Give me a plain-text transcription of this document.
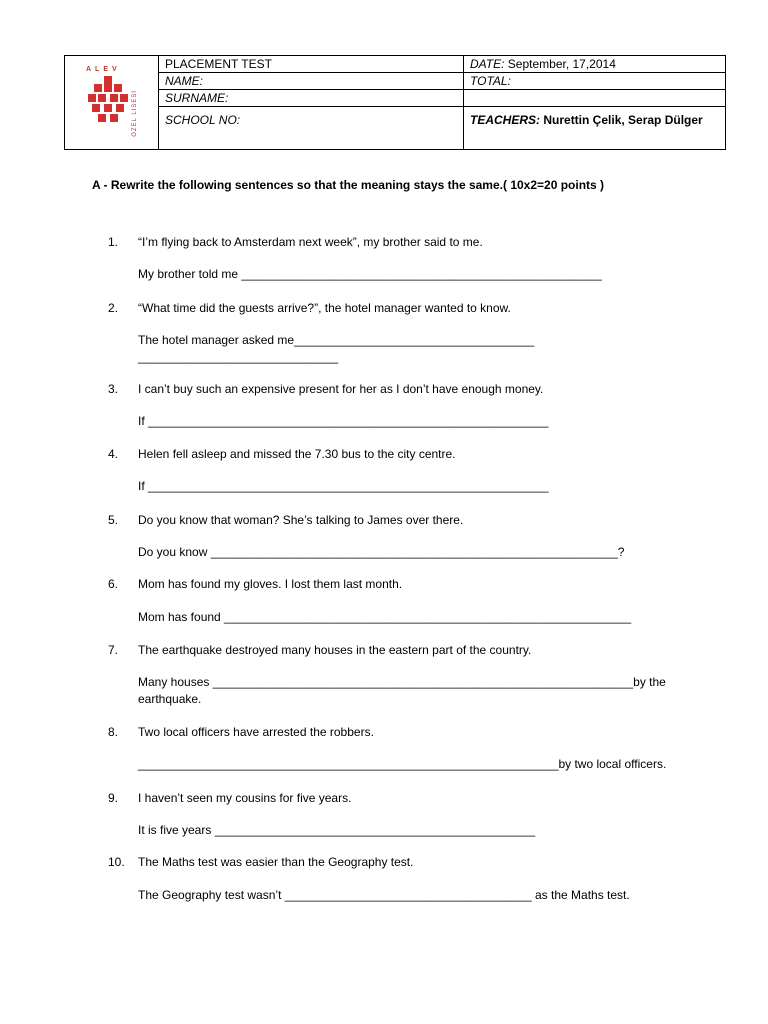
ALEV
ÖZEL LİSESİ
PLACEMENT TEST	DATE: September, 17,2014
NAME:	TOTAL:
SURNAME:
SCHOOL NO:	TEACHERS: Nurettin Çelik, Serap Dülger
A - Rewrite the following sentences so that the meaning stays the same.( 10x2=20 points )
1. “I’m flying back to Amsterdam next week”, my brother said to me.
My brother told me ______________________________________________________
2. “What time did the guests arrive?”, the hotel manager wanted to know.
The hotel manager asked me____________________________________
______________________________
3. I can’t buy such an expensive present for her as I don’t have enough money.
If ____________________________________________________________
4. Helen fell asleep and missed the 7.30 bus to the city centre.
If ____________________________________________________________
5. Do you know that woman? She’s talking to James over there.
Do you know _____________________________________________________________?
6. Mom has found my gloves. I lost them last month.
Mom has found _____________________________________________________________
7. The earthquake destroyed many houses in the eastern part of the country.
Many houses _______________________________________________________________by the
earthquake.
8. Two local officers have arrested the robbers.
_______________________________________________________________by two local officers.
9. I haven’t seen my cousins for five years.
It is five years ________________________________________________
10. The Maths test was easier than the Geography test.
The Geography test wasn’t _____________________________________ as the Maths test.
